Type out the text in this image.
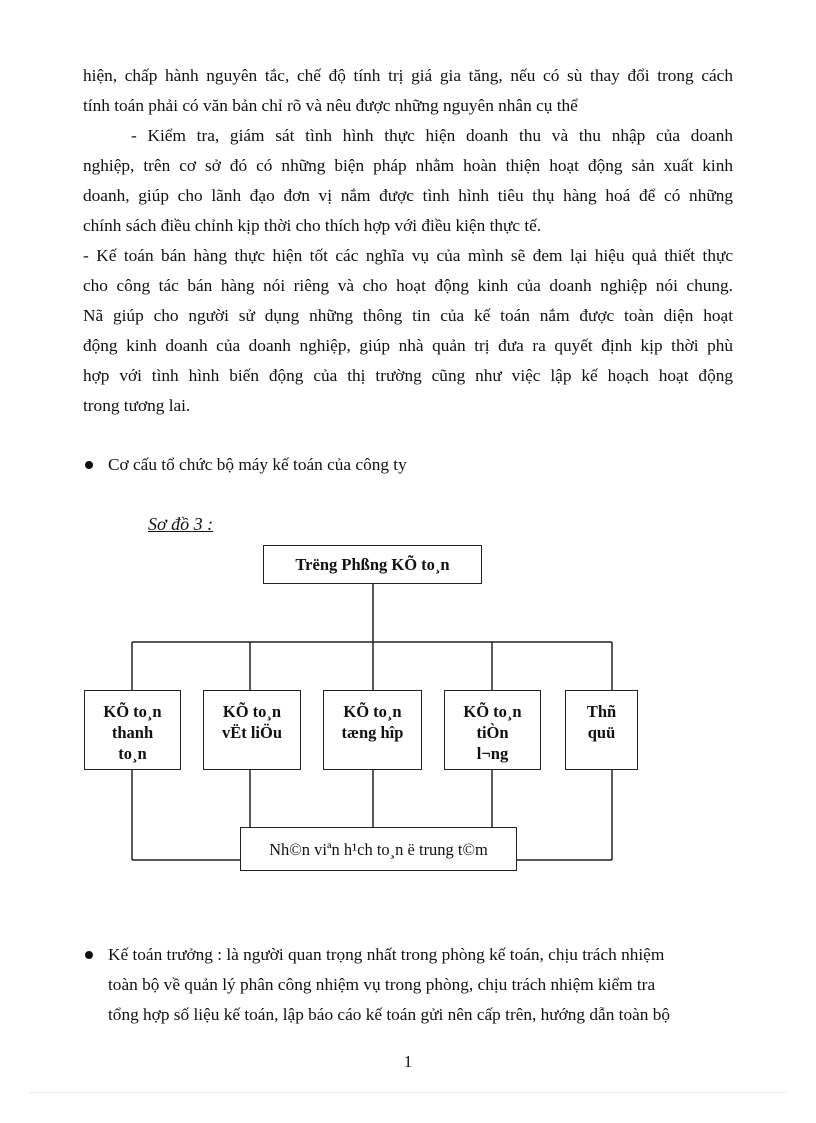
hiện, chấp hành nguyên tắc, chế độ tính trị giá gia tăng, nếu có sù thay đổi trong cách
tính toán phải có văn bản chỉ rõ và nêu được những nguyên nhân cụ thể
- Kiểm tra, giám sát tình hình thực hiện doanh thu và thu nhập của doanh
nghiệp, trên cơ sở đó có những biện pháp nhằm hoàn thiện hoạt động sản xuất kinh
doanh, giúp cho lãnh đạo đơn vị nắm được tình hình tiêu thụ hàng hoá để có những
chính sách điều chỉnh kịp thời cho thích hợp với điều kiện thực tế.
- Kế toán bán hàng thực hiện tốt các nghĩa vụ của mình sẽ đem lại hiệu quả thiết thực
cho công tác bán hàng nói riêng và cho hoạt động kinh của doanh nghiệp nói chung.
Nã giúp cho người sử dụng những thông tin của kế toán nắm được toàn diện hoạt
động kinh doanh của doanh nghiệp, giúp nhà quản trị đưa ra quyết định kịp thời phù
hợp với tình hình biến động của thị trường cũng như việc lập kế hoạch hoạt động
trong tương lai.
Cơ cấu tổ chức bộ máy kế toán của công ty
Sơ đồ 3 :
Trëng Phßng KÕ to¸n
KÕ to¸n
thanh
to¸n
KÕ to¸n
vËt liÖu
KÕ to¸n
tæng hîp
KÕ to¸n
tiÒn
l¬ng
Thñ
quü
Nh©n viªn h¹ch to¸n ë trung t©m
Kế toán trưởng : là người quan trọng nhất trong phòng kế toán, chịu trách nhiệm
toàn bộ về quản lý phân công nhiệm vụ trong phòng, chịu trách nhiệm kiểm tra
tổng hợp số liệu kế toán, lập báo cáo kế toán gửi nên cấp trên, hướng dẫn toàn bộ
1
